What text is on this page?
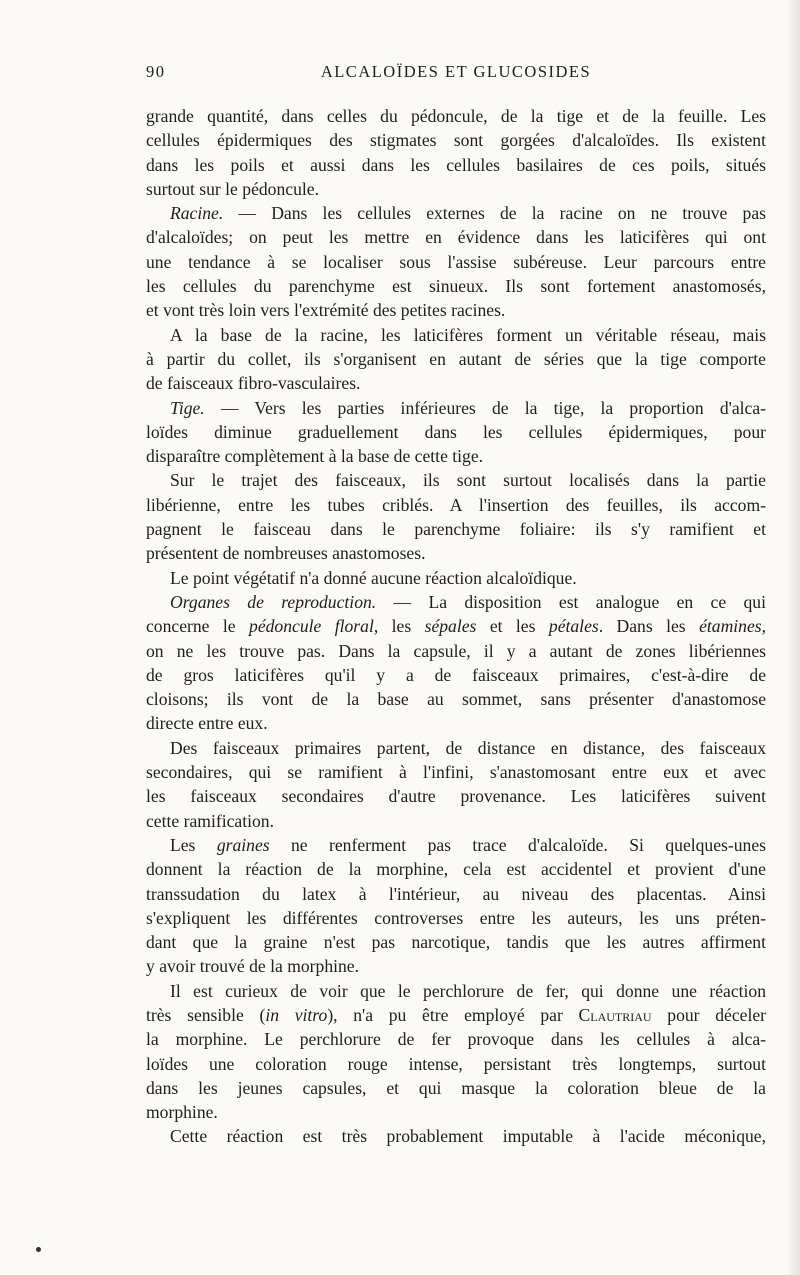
90	ALCALOÏDES ET GLUCOSIDES
grande quantité, dans celles du pédoncule, de la tige et de la feuille. Les
cellules épidermiques des stigmates sont gorgées d'alcaloïdes. Ils existent
dans les poils et aussi dans les cellules basilaires de ces poils, situés
surtout sur le pédoncule.
Racine. — Dans les cellules externes de la racine on ne trouve pas
d'alcaloïdes; on peut les mettre en évidence dans les laticifères qui ont
une tendance à se localiser sous l'assise subéreuse. Leur parcours entre
les cellules du parenchyme est sinueux. Ils sont fortement anastomosés,
et vont très loin vers l'extrémité des petites racines.
A la base de la racine, les laticifères forment un véritable réseau, mais
à partir du collet, ils s'organisent en autant de séries que la tige comporte
de faisceaux fibro-vasculaires.
Tige. — Vers les parties inférieures de la tige, la proportion d'alca-
loïdes diminue graduellement dans les cellules épidermiques, pour
disparaître complètement à la base de cette tige.
Sur le trajet des faisceaux, ils sont surtout localisés dans la partie
libérienne, entre les tubes criblés. A l'insertion des feuilles, ils accom-
pagnent le faisceau dans le parenchyme foliaire: ils s'y ramifient et
présentent de nombreuses anastomoses.
Le point végétatif n'a donné aucune réaction alcaloïdique.
Organes de reproduction. — La disposition est analogue en ce qui
concerne le pédoncule floral, les sépales et les pétales. Dans les étamines,
on ne les trouve pas. Dans la capsule, il y a autant de zones libériennes
de gros laticifères qu'il y a de faisceaux primaires, c'est-à-dire de
cloisons; ils vont de la base au sommet, sans présenter d'anastomose
directe entre eux.
Des faisceaux primaires partent, de distance en distance, des faisceaux
secondaires, qui se ramifient à l'infini, s'anastomosant entre eux et avec
les faisceaux secondaires d'autre provenance. Les laticifères suivent
cette ramification.
Les graines ne renferment pas trace d'alcaloïde. Si quelques-unes
donnent la réaction de la morphine, cela est accidentel et provient d'une
transsudation du latex à l'intérieur, au niveau des placentas. Ainsi
s'expliquent les différentes controverses entre les auteurs, les uns préten-
dant que la graine n'est pas narcotique, tandis que les autres affirment
y avoir trouvé de la morphine.
Il est curieux de voir que le perchlorure de fer, qui donne une réaction
très sensible (in vitro), n'a pu être employé par Clautriau pour déceler
la morphine. Le perchlorure de fer provoque dans les cellules à alca-
loïdes une coloration rouge intense, persistant très longtemps, surtout
dans les jeunes capsules, et qui masque la coloration bleue de la
morphine.
Cette réaction est très probablement imputable à l'acide méconique,
